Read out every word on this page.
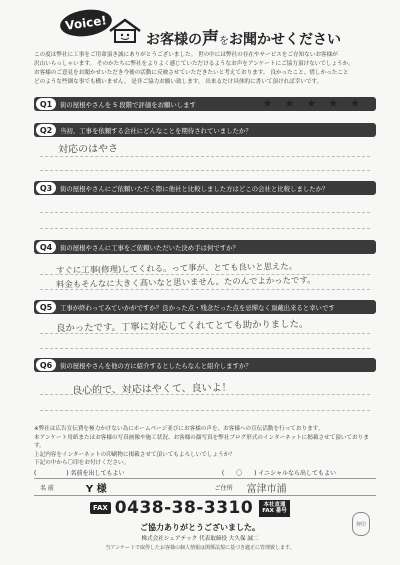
Voice!
お客様の声をお聞かせください
この度は弊社に工事をご用命頂き誠にありがとうございました。 世の中には弊社の存在やサービスをご存知ないお客様が
沢山いらっしゃいます。 そのかたちに弊社をよりよく感じていただけるようなお声をアンケートにご協力頂けないでしょうか。
お客様のご意見をお聞かせいただき今後の活動に反映させていただきたいと考えております。 良かったこと、惜しかったこと
どのような些細な事でも構いません。 是非ご協力お願い致します。 出来るだけ具体的に書いて頂ければ幸いです。
Q1	街の屋根やさんを 5 段階で評価をお願いします	★ ★ ★ ★ ★
Q2	当初、工事を依頼する会社にどんなことを期待されていましたか？
対応のはやさ
Q3	街の屋根やさんにご依頼いただく際に他社と比較しました方はどこの会社と比較しましたか？
Q4	街の屋根やさんに工事をご依頼いただいた決め手は何ですか？
すぐに工事(修理)してくれる。って事が、とても良いと思えた。
料金もそんなに大きく高いなと思いません。たのんでよかったです。
Q5	工事が終わってみていかがですか？良かった点・残念だった点を忌憚なく頂戴出来ると幸いです
良かったです。丁寧に対応してくれてとても助かりました。
Q6	街の屋根やさんを他の方に紹介するとしたらなんと紹介しますか？
良心的で、対応はやくて、良いよ！
※弊社は広告宣伝費を極力かけない為にホームページ並びにお客様の声を、お客様への宣伝活動を行っております。
本アンケート用紙またはお客様の写真画像や施工状況、お客様の顔写真を弊社ブログ形式のインターネットに掲載させて頂いております。
上記内容をインターネットの印刷物に掲載させて頂いてもよろしいでしょうか？
下記の中から〇印をお付けください。
(	) 名前を出してもよい	( 〇 ) イニシャルなら出してもよい
名 前	Y 様	ご住所 富津市浦
FAX 0438-38-3310	本社直通
FAX 番号
ご協力ありがとうございました。
株式会社シェアテック 代表取締役 大久保 誠二
当アンケートで取得したお客様の個人情報は関係法規に基づき適正に管理致します。
押印
